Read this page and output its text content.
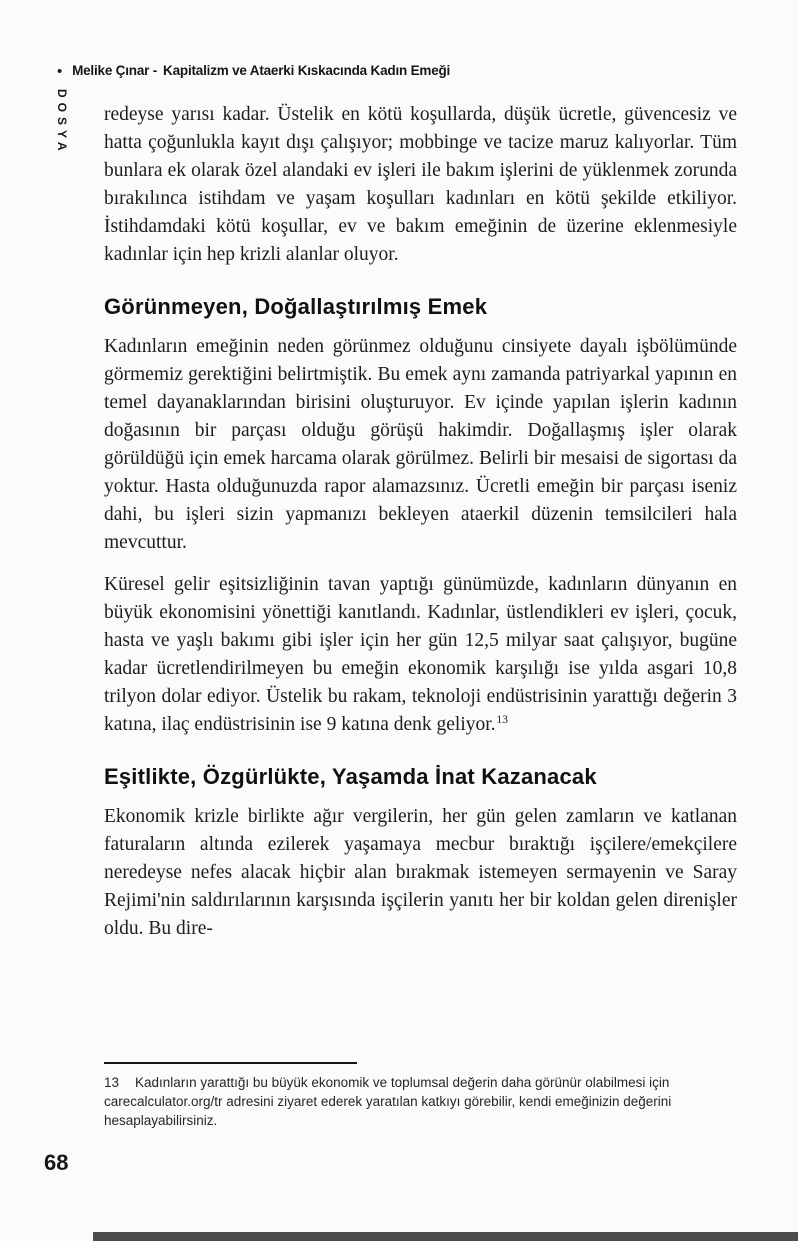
• Melike Çınar - Kapitalizm ve Ataerki Kıskacında Kadın Emeği
DOSYA redeyse yarısı kadar. Üstelik en kötü koşullarda, düşük ücretle, güvencesiz ve hatta çoğunlukla kayıt dışı çalışıyor; mobbinge ve tacize maruz kalıyorlar. Tüm bunlara ek olarak özel alandaki ev işleri ile bakım işlerini de yüklenmek zorunda bırakılınca istihdam ve yaşam koşulları kadınları en kötü şekilde etkiliyor. İstihdamdaki kötü koşullar, ev ve bakım emeğinin de üzerine eklenmesiyle kadınlar için hep krizli alanlar oluyor.

Görünmeyen, Doğallaştırılmış Emek

Kadınların emeğinin neden görünmez olduğunu cinsiyete dayalı işbölümünde görmemiz gerektiğini belirtmiştik. Bu emek aynı zamanda patriyarkal yapının en temel dayanaklarından birisini oluşturuyor. Ev içinde yapılan işlerin kadının doğasının bir parçası olduğu görüşü hakimdir. Doğallaşmış işler olarak görüldüğü için emek harcama olarak görülmez. Belirli bir mesaisi de sigortası da yoktur. Hasta olduğunuzda rapor alamazsınız. Ücretli emeğin bir parçası iseniz dahi, bu işleri sizin yapmanızı bekleyen ataerkil düzenin temsilcileri hala mevcuttur.

Küresel gelir eşitsizliğinin tavan yaptığı günümüzde, kadınların dünyanın en büyük ekonomisini yönettiği kanıtlandı. Kadınlar, üstlendikleri ev işleri, çocuk, hasta ve yaşlı bakımı gibi işler için her gün 12,5 milyar saat çalışıyor, bugüne kadar ücretlendirilmeyen bu emeğin ekonomik karşılığı ise yılda asgari 10,8 trilyon dolar ediyor. Üstelik bu rakam, teknoloji endüstrisinin yarattığı değerin 3 katına, ilaç endüstrisinin ise 9 katına denk geliyor.$^{13}$

Eşitlikte, Özgürlükte, Yaşamda İnat Kazanacak

Ekonomik krizle birlikte ağır vergilerin, her gün gelen zamların ve katlanan faturaların altında ezilerek yaşamaya mecbur bıraktığı işçilere/emekçilere neredeyse nefes alacak hiçbir alan bırakmak istemeyen sermayenin ve Saray Rejimi'nin saldırılarının karşısında işçilerin yanıtı her bir koldan gelen direnişler oldu. Bu dire-

13 Kadınların yarattığı bu büyük ekonomik ve toplumsal değerin daha görünür olabilmesi için carecalculator.org/tr adresini ziyaret ederek yaratılan katkıyı görebilir, kendi emeğinizin değerini hesaplayabilirsiniz.

68
